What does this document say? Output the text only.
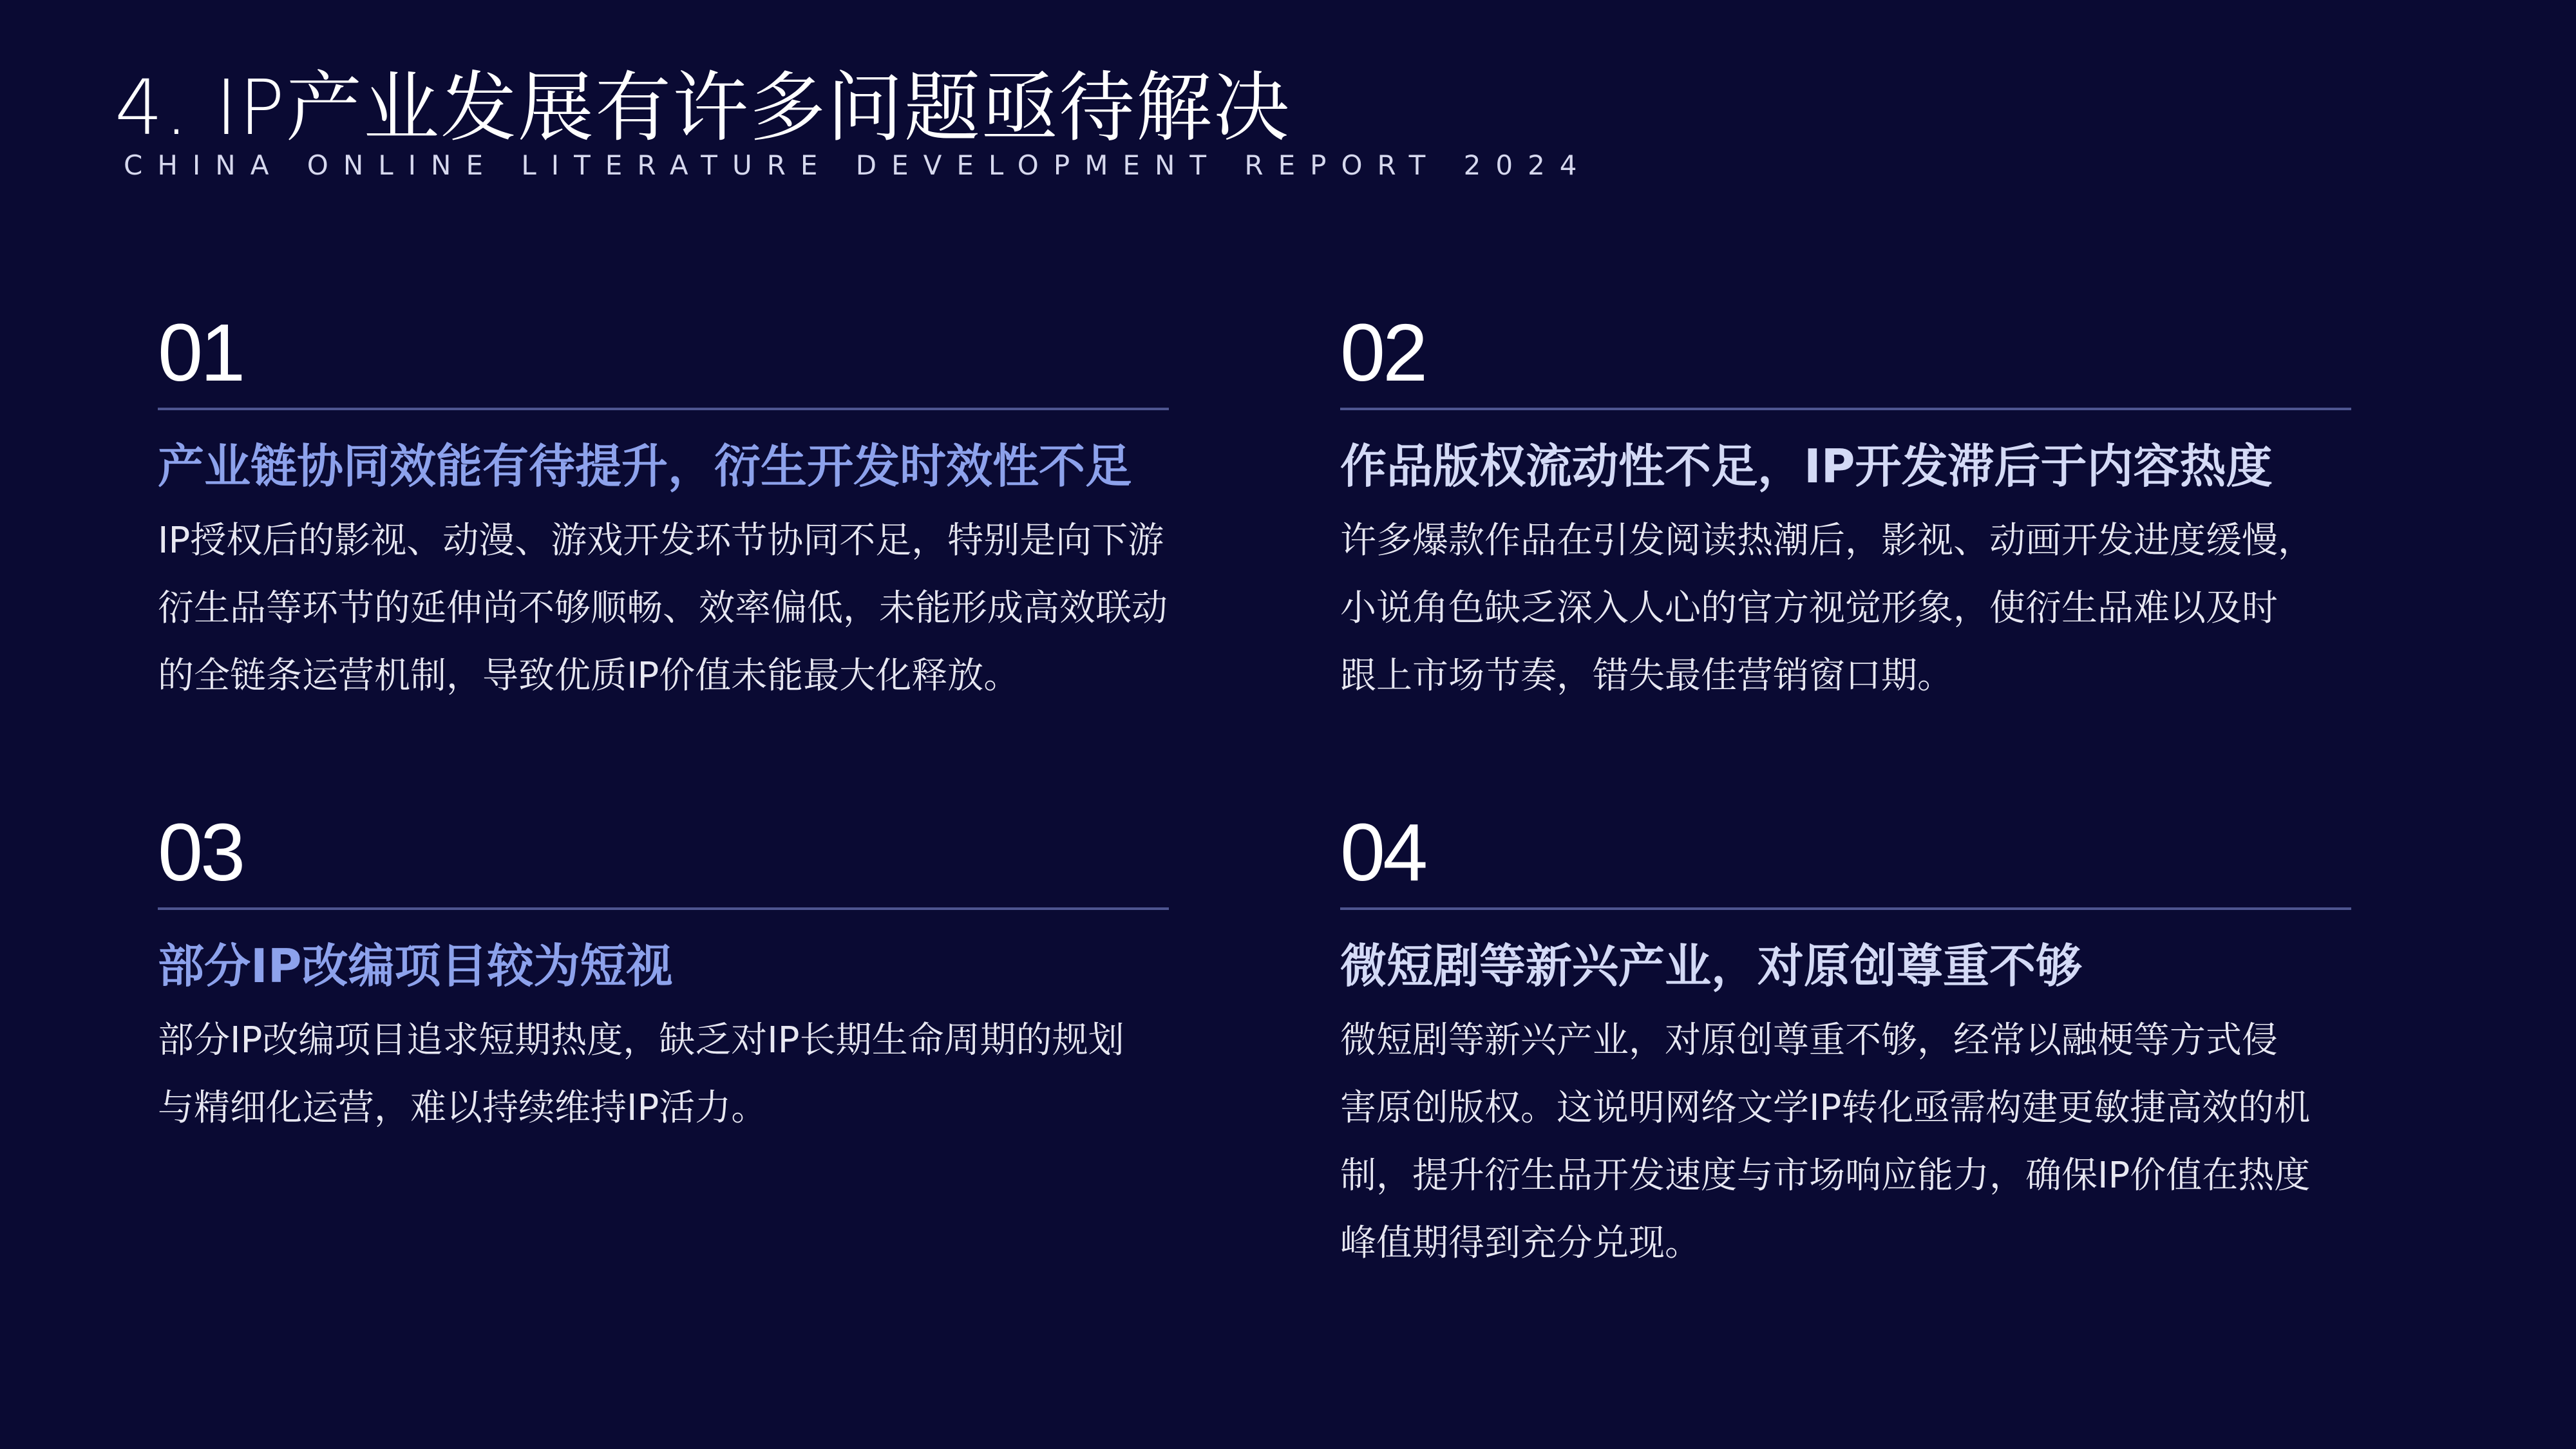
4. IP产业发展有许多问题亟待解决
CHINA ONLINE LITERATURE DEVELOPMENT REPORT 2024
01
产业链协同效能有待提升，衍生开发时效性不足
IP授权后的影视、动漫、游戏开发环节协同不足，特别是向下游
衍生品等环节的延伸尚不够顺畅、效率偏低，未能形成高效联动
的全链条运营机制，导致优质IP价值未能最大化释放。
02
作品版权流动性不足，IP开发滞后于内容热度
许多爆款作品在引发阅读热潮后，影视、动画开发进度缓慢，
小说角色缺乏深入人心的官方视觉形象，使衍生品难以及时
跟上市场节奏，错失最佳营销窗口期。
03
部分IP改编项目较为短视
部分IP改编项目追求短期热度，缺乏对IP长期生命周期的规划
与精细化运营，难以持续维持IP活力。
04
微短剧等新兴产业，对原创尊重不够
微短剧等新兴产业，对原创尊重不够，经常以融梗等方式侵
害原创版权。这说明网络文学IP转化亟需构建更敏捷高效的机
制，提升衍生品开发速度与市场响应能力，确保IP价值在热度
峰值期得到充分兑现。
